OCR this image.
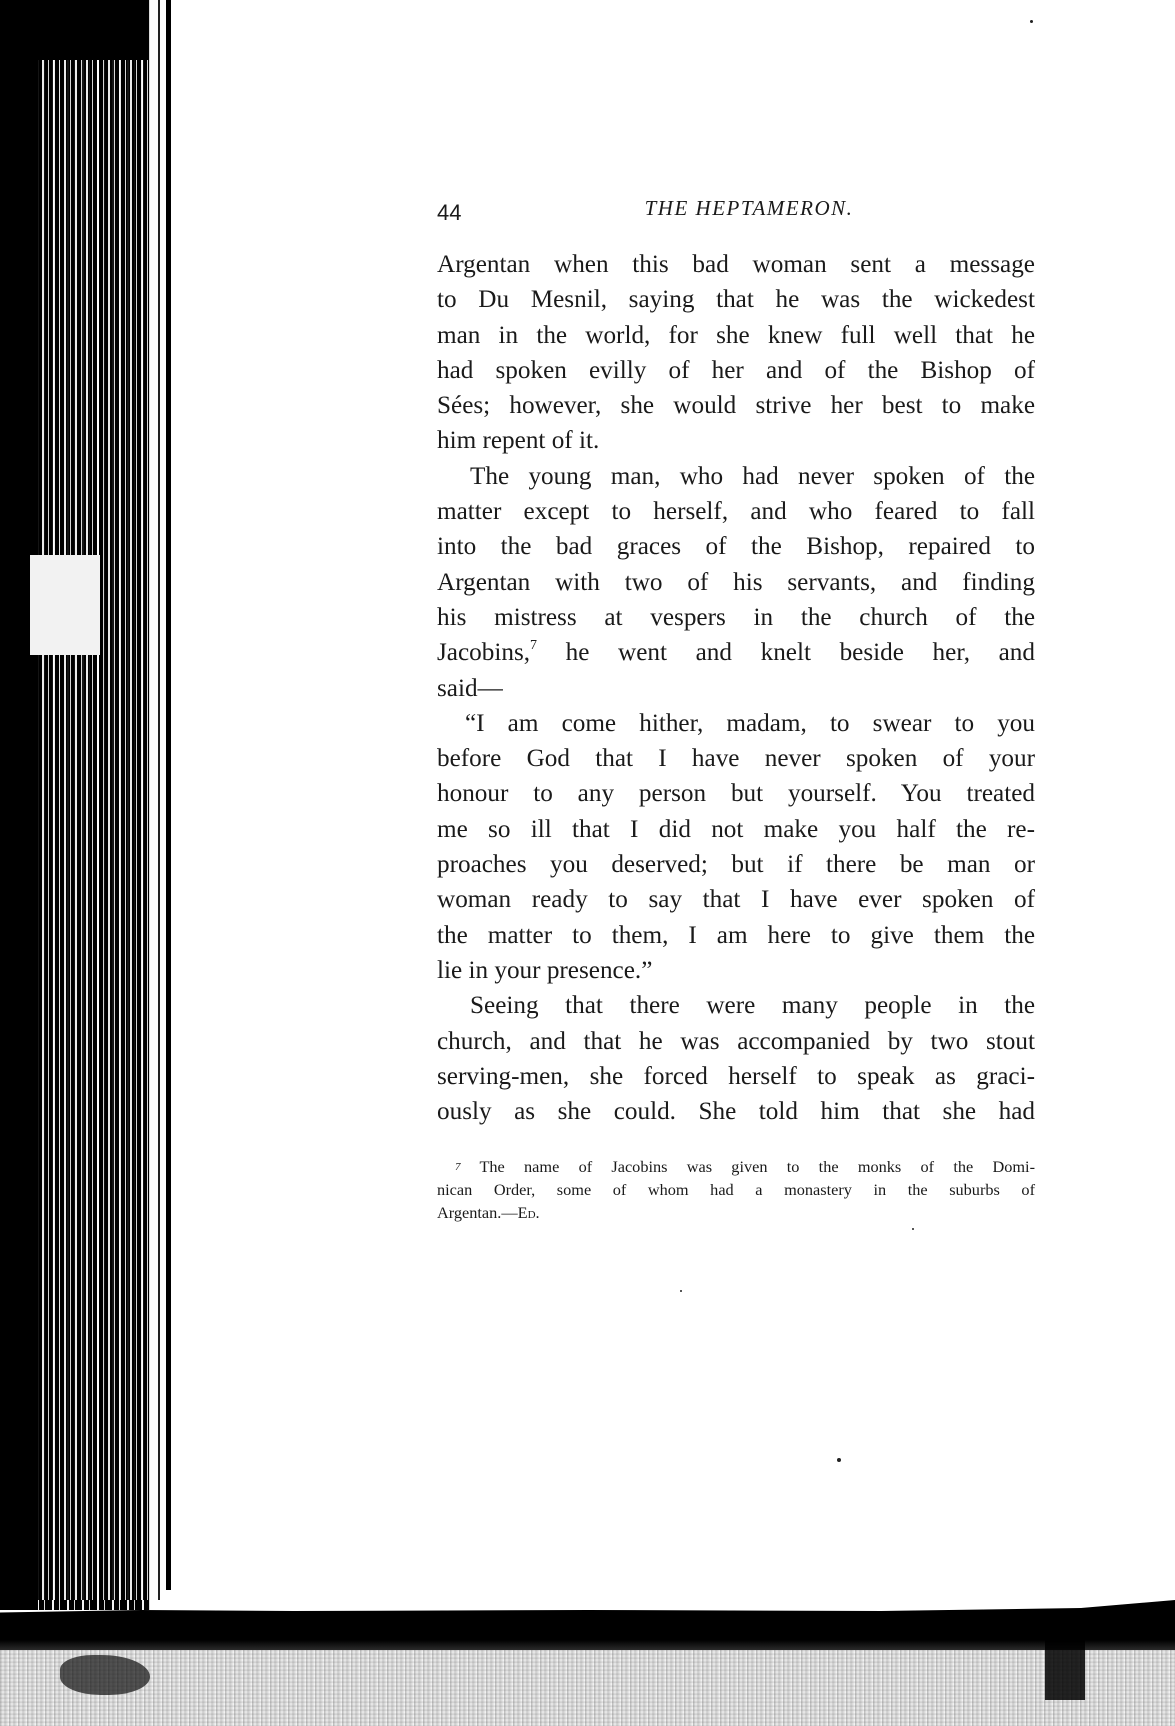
44	THE HEPTAMERON.
Argentan when this bad woman sent a message
to Du Mesnil, saying that he was the wickedest
man in the world, for she knew full well that he
had spoken evilly of her and of the Bishop of
Sées; however, she would strive her best to make
him repent of it.
The young man, who had never spoken of the
matter except to herself, and who feared to fall
into the bad graces of the Bishop, repaired to
Argentan with two of his servants, and finding
his mistress at vespers in the church of the
Jacobins,$^7$ he went and knelt beside her, and
said—
“I am come hither, madam, to swear to you
before God that I have never spoken of your
honour to any person but yourself. You treated
me so ill that I did not make you half the re-
proaches you deserved; but if there be man or
woman ready to say that I have ever spoken of
the matter to them, I am here to give them the
lie in your presence.”
Seeing that there were many people in the
church, and that he was accompanied by two stout
serving-men, she forced herself to speak as graci-
ously as she could. She told him that she had
$^7$ The name of Jacobins was given to the monks of the Domi-
nican Order, some of whom had a monastery in the suburbs of
Argentan.—Ed.
